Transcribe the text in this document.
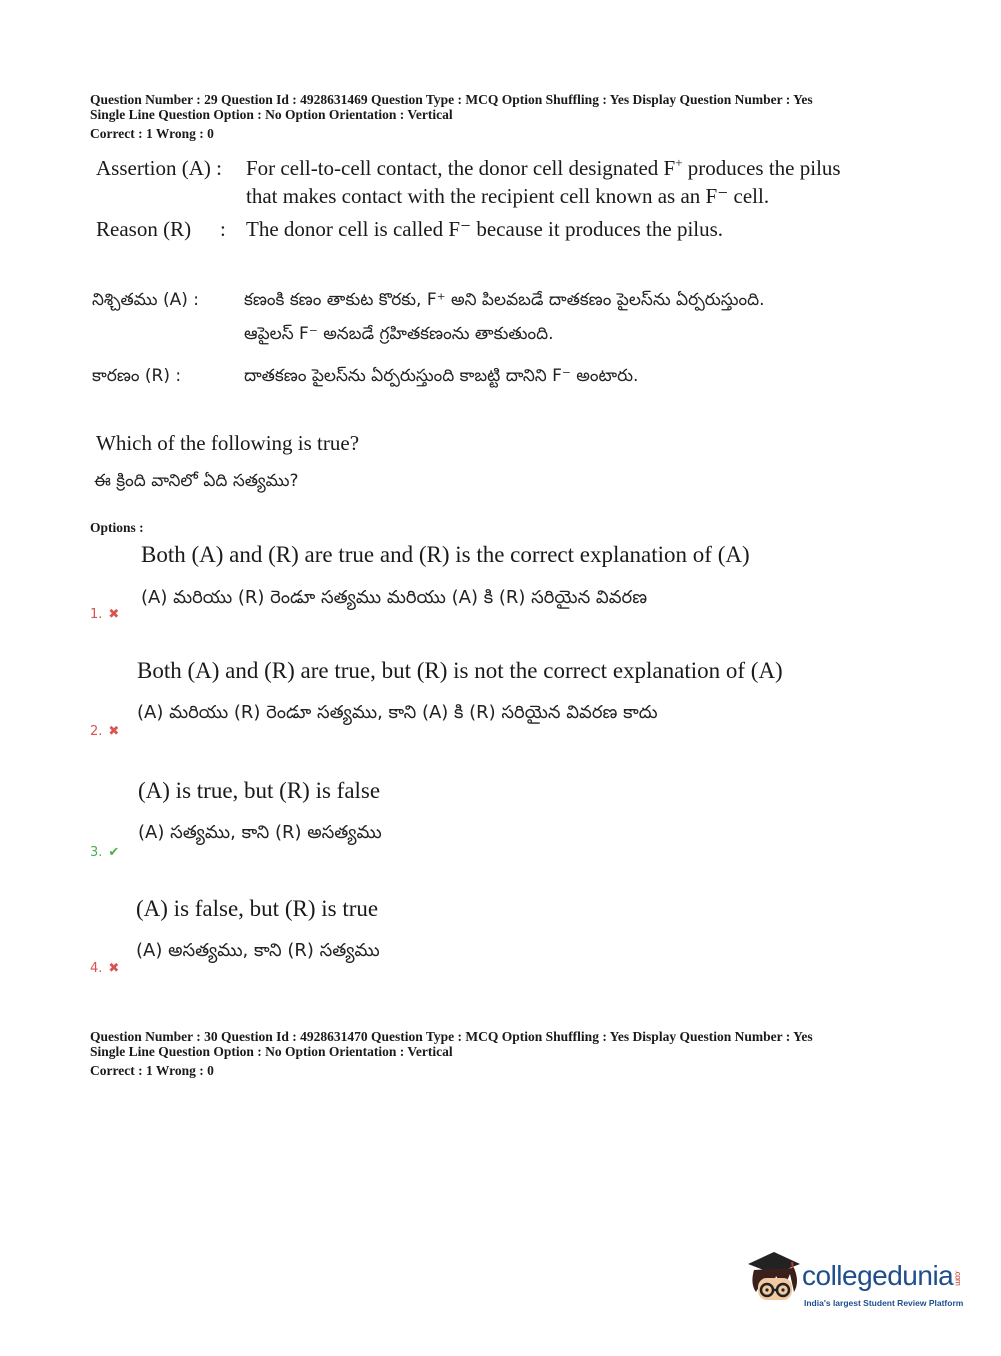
Question Number : 29 Question Id : 4928631469 Question Type : MCQ Option Shuffling : Yes Display Question Number : Yes
Single Line Question Option : No Option Orientation : Vertical
Correct : 1 Wrong : 0
Assertion (A) :	For cell-to-cell contact, the donor cell designated F+ produces the pilus
that makes contact with the recipient cell known as an F⁻ cell.
Reason (R)	: The donor cell is called F⁻ because it produces the pilus.
నిశ్చితము (A) :	కణంకి కణం తాకుట కొరకు, F⁺ అని పిలవబడే దాతకణం పైలస్‌ను ఏర్పరుస్తుంది.
ఆపైలస్ F⁻ అనబడే గ్రహితకణంను తాకుతుంది.
కారణం (R) :	దాతకణం పైలస్‌ను ఏర్పరుస్తుంది కాబట్టి దానిని F⁻ అంటారు.
Which of the following is true?
ఈ క్రింది వానిలో ఏది సత్యము?
Options :
Both (A) and (R) are true and (R) is the correct explanation of (A)
(A) మరియు (R) రెండూ సత్యము మరియు (A) కి (R) సరియైన వివరణ
1. ✖
Both (A) and (R) are true, but (R) is not the correct explanation of (A)
(A) మరియు (R) రెండూ సత్యము, కాని (A) కి (R) సరియైన వివరణ కాదు
2. ✖
(A) is true, but (R) is false
(A) సత్యము, కాని (R) అసత్యము
3. ✔
(A) is false, but (R) is true
(A) అసత్యము, కాని (R) సత్యము
4. ✖
Question Number : 30 Question Id : 4928631470 Question Type : MCQ Option Shuffling : Yes Display Question Number : Yes
Single Line Question Option : No Option Orientation : Vertical
Correct : 1 Wrong : 0
collegedunia.com
India's largest Student Review Platform
